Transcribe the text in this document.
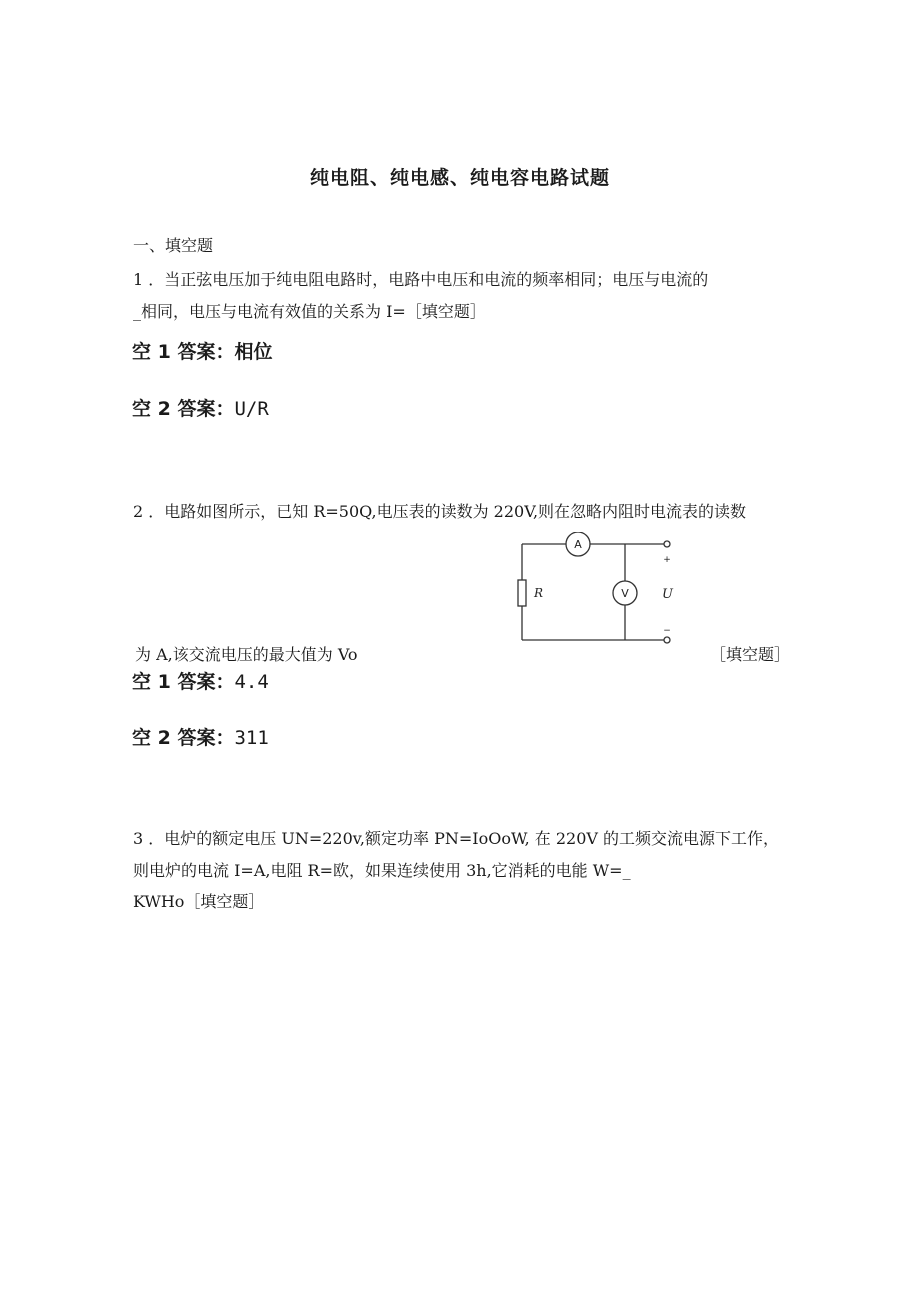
纯电阻、纯电感、纯电容电路试题
一、填空题
1 ．当正弦电压加于纯电阻电路时，电路中电压和电流的频率相同；电压与电流的
_相同，电压与电流有效值的关系为 I=［填空题］
空 1 答案：相位
空 2 答案：U/R
2 ．电路如图所示，已知 R=50Q,电压表的读数为 220V,则在忽略内阻时电流表的读数
A
V
R	U
+
−
为 A,该交流电压的最大值为 Vo	［填空题］
空 1 答案：4.4
空 2 答案：311
3 ．电炉的额定电压 UN=220v,额定功率 PN=IoOoW, 在 220V 的工频交流电源下工作，
则电炉的电流 I=A,电阻 R=欧，如果连续使用 3h,它消耗的电能 W=_
KWHo［填空题］
